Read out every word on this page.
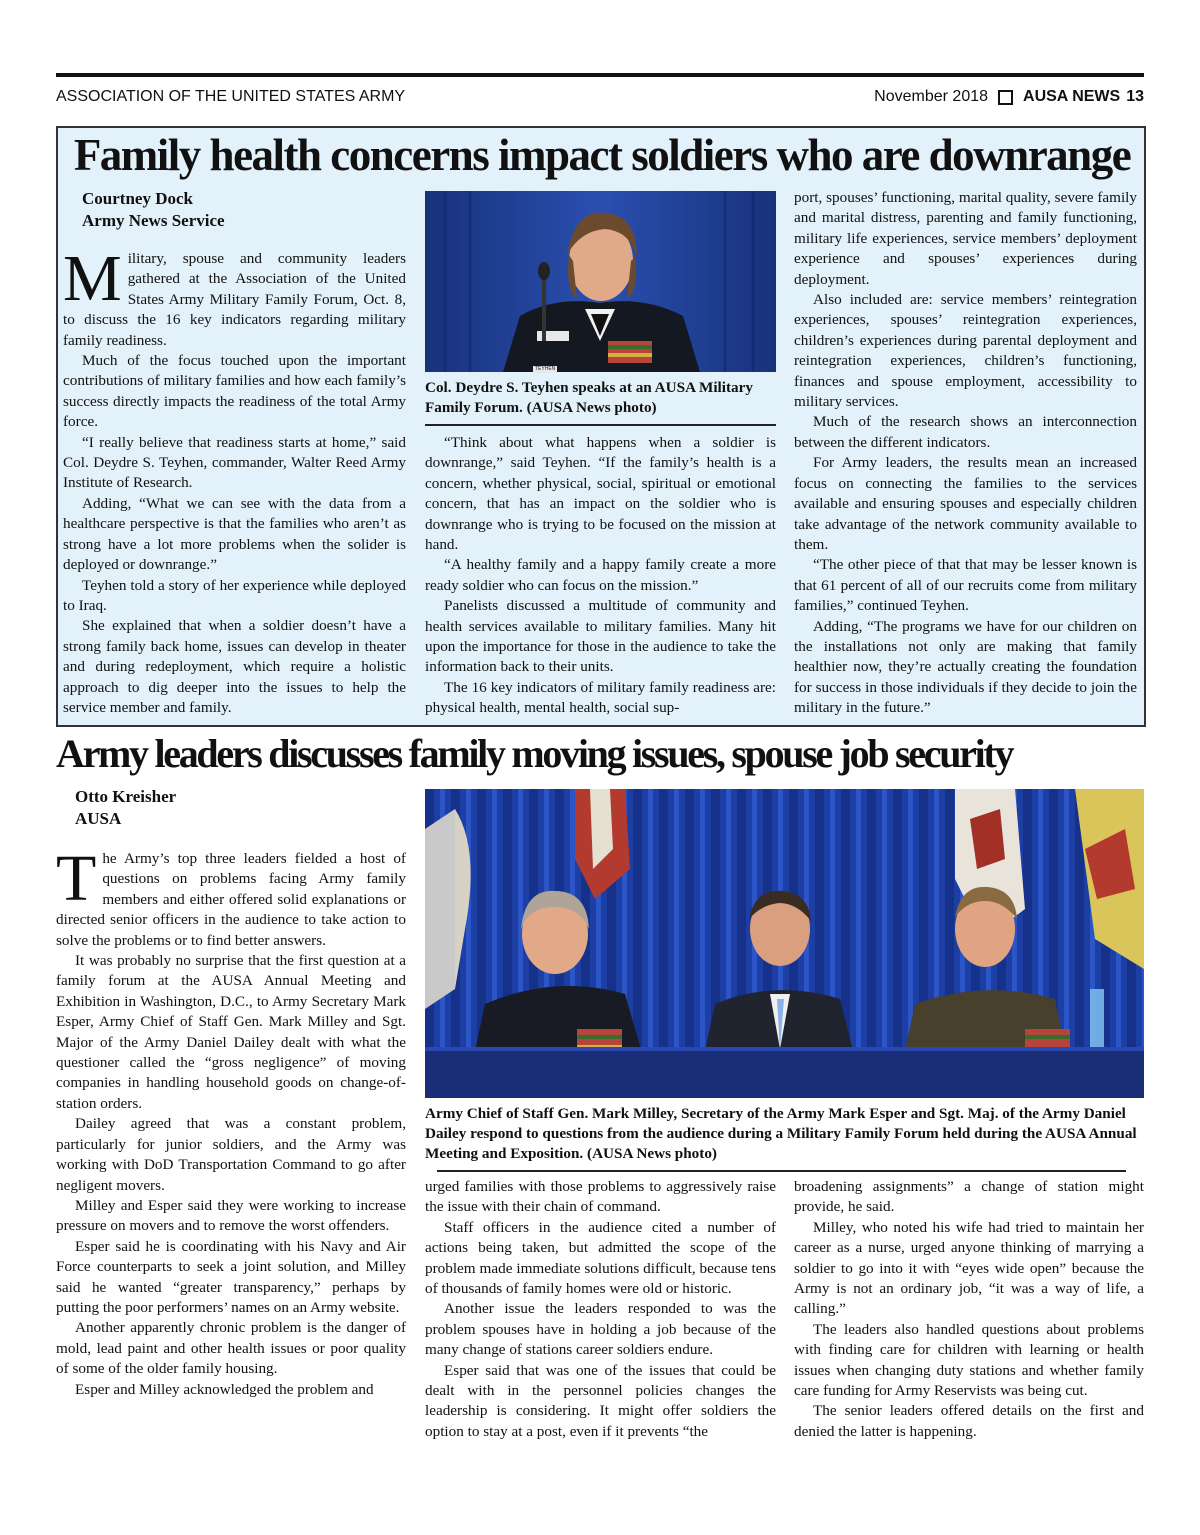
ASSOCIATION OF THE UNITED STATES ARMY	November 2018 AUSA NEWS 13
Family health concerns impact soldiers who are downrange
Courtney Dock
Army News Service

Military, spouse and community leaders gathered at the Association of the United States Army Military Family Forum, Oct. 8, to discuss the 16 key indicators regarding military family readiness.

Much of the focus touched upon the important contributions of military families and how each family’s success directly impacts the readiness of the total Army force.

“I really believe that readiness starts at home,” said Col. Deydre S. Teyhen, commander, Walter Reed Army Institute of Research.

Adding, “What we can see with the data from a healthcare perspective is that the families who aren’t as strong have a lot more problems when the solider is deployed or downrange.”

Teyhen told a story of her experience while deployed to Iraq.

She explained that when a soldier doesn’t have a strong family back home, issues can develop in theater and during redeployment, which require a holistic approach to dig deeper into the issues to help the service member and family.

Col. Deydre S. Teyhen speaks at an AUSA Military Family Forum. (AUSA News photo)

“Think about what happens when a soldier is downrange,” said Teyhen. “If the family’s health is a concern, whether physical, social, spiritual or emotional concern, that has an impact on the soldier who is downrange who is trying to be focused on the mission at hand.

“A healthy family and a happy family create a more ready soldier who can focus on the mission.”

Panelists discussed a multitude of community and health services available to military families. Many hit upon the importance for those in the audience to take the information back to their units.

The 16 key indicators of military family readiness are: physical health, mental health, social sup-

port, spouses’ functioning, marital quality, severe family and marital distress, parenting and family functioning, military life experiences, service members’ deployment experience and spouses’ experiences during deployment.

Also included are: service members’ reintegration experiences, spouses’ reintegration experiences, children’s experiences during parental deployment and reintegration experiences, children’s functioning, finances and spouse employment, accessibility to military services.

Much of the research shows an interconnection between the different indicators.

For Army leaders, the results mean an increased focus on connecting the families to the services available and ensuring spouses and especially children take advantage of the network community available to them.

“The other piece of that that may be lesser known is that 61 percent of all of our recruits come from military families,” continued Teyhen.

Adding, “The programs we have for our children on the installations not only are making that family healthier now, they’re actually creating the foundation for success in those individuals if they decide to join the military in the future.”

Army leaders discusses family moving issues, spouse job security
Otto Kreisher
AUSA

The Army’s top three leaders fielded a host of questions on problems facing Army family members and either offered solid explanations or directed senior officers in the audience to take action to solve the problems or to find better answers.

It was probably no surprise that the first question at a family forum at the AUSA Annual Meeting and Exhibition in Washington, D.C., to Army Secretary Mark Esper, Army Chief of Staff Gen. Mark Milley and Sgt. Major of the Army Daniel Dailey dealt with what the questioner called the “gross negligence” of moving companies in handling household goods on change-of-station orders.

Dailey agreed that was a constant problem, particularly for junior soldiers, and the Army was working with DoD Transportation Command to go after negligent movers.

Milley and Esper said they were working to increase pressure on movers and to remove the worst offenders.

Esper said he is coordinating with his Navy and Air Force counterparts to seek a joint solution, and Milley said he wanted “greater transparency,” perhaps by putting the poor performers’ names on an Army website.

Another apparently chronic problem is the danger of mold, lead paint and other health issues or poor quality of some of the older family housing.

Esper and Milley acknowledged the problem and

Army Chief of Staff Gen. Mark Milley, Secretary of the Army Mark Esper and Sgt. Maj. of the Army Daniel Dailey respond to questions from the audience during a Military Family Forum held during the AUSA Annual Meeting and Exposition. (AUSA News photo)

urged families with those problems to aggressively raise the issue with their chain of command.

Staff officers in the audience cited a number of actions being taken, but admitted the scope of the problem made immediate solutions difficult, because tens of thousands of family homes were old or historic.

Another issue the leaders responded to was the problem spouses have in holding a job because of the many change of stations career soldiers endure.

Esper said that was one of the issues that could be dealt with in the personnel policies changes the leadership is considering. It might offer soldiers the option to stay at a post, even if it prevents “the

broadening assignments” a change of station might provide, he said.

Milley, who noted his wife had tried to maintain her career as a nurse, urged anyone thinking of marrying a soldier to go into it with “eyes wide open” because the Army is not an ordinary job, “it was a way of life, a calling.”

The leaders also handled questions about problems with finding care for children with learning or health issues when changing duty stations and whether family care funding for Army Reservists was being cut.

The senior leaders offered details on the first and denied the latter is happening.

TEYHEN
